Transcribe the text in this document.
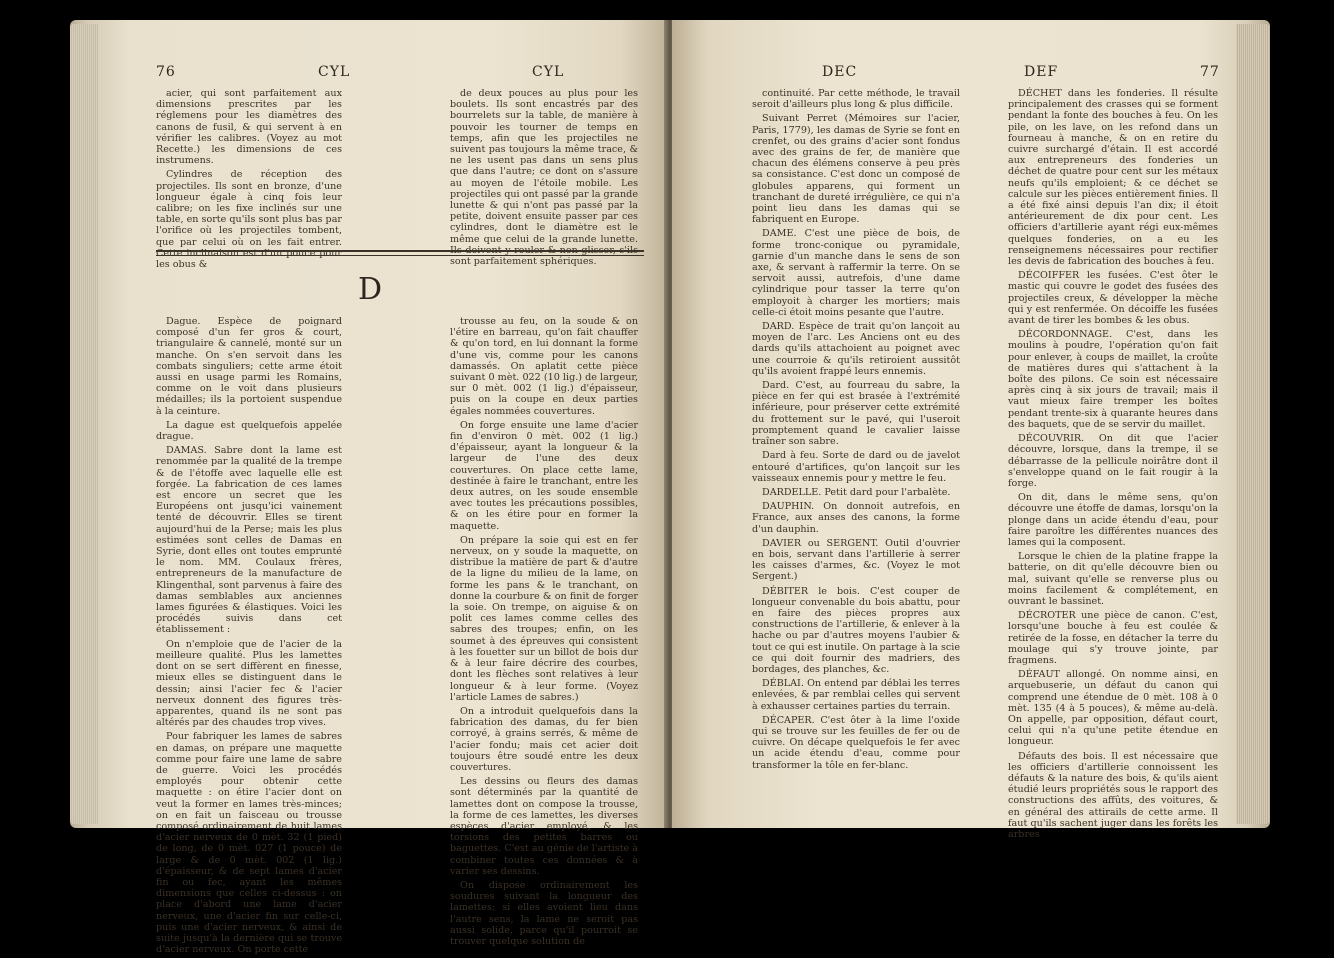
76	CYL	CYL

acier, qui sont parfaitement aux dimensions prescrites par les réglemens pour les diamètres des canons de fusil, & qui servent à en vérifier les calibres. (Voyez au mot Recette.) les dimensions de ces instrumens.

Cylindres de réception des projectiles. Ils sont en bronze, d'une longueur égale à cinq fois leur calibre; on les fixe inclinés sur une table, en sorte qu'ils sont plus bas par l'orifice où les projectiles tombent, que par celui où on les fait entrer. Cette inclinaison est d'un pouce pour les obus &

de deux pouces au plus pour les boulets. Ils sont encastrés par des bourrelets sur la table, de manière à pouvoir les tourner de temps en temps, afin que les projectiles ne suivent pas toujours la même trace, & ne les usent pas dans un sens plus que dans l'autre; ce dont on s'assure au moyen de l'étoile mobile. Les projectiles qui ont passé par la grande lunette & qui n'ont pas passé par la petite, doivent ensuite passer par ces cylindres, dont le diamètre est le même que celui de la grande lunette. Ils doivent y rouler & non glisser, s'ils sont parfaitement sphériques.

D

Dague. Espèce de poignard composé d'un fer gros & court, triangulaire & cannelé, monté sur un manche. On s'en servoit dans les combats singuliers; cette arme étoit aussi en usage parmi les Romains, comme on le voit dans plusieurs médailles; ils la portoient suspendue à la ceinture.

La dague est quelquefois appelée drague.

DAMAS. Sabre dont la lame est renommée par la qualité de la trempe & de l'étoffe avec laquelle elle est forgée. La fabrication de ces lames est encore un secret que les Européens ont jusqu'ici vainement tenté de découvrir. Elles se tirent aujourd'hui de la Perse; mais les plus estimées sont celles de Damas en Syrie, dont elles ont toutes emprunté le nom. MM. Coulaux frères, entrepreneurs de la manufacture de Klingenthal, sont parvenus à faire des damas semblables aux anciennes lames figurées & élastiques. Voici les procédés suivis dans cet établissement :

On n'emploie que de l'acier de la meilleure qualité. Plus les lamettes dont on se sert diffèrent en finesse, mieux elles se distinguent dans le dessin; ainsi l'acier fec & l'acier nerveux donnent des figures très-apparentes, quand ils ne sont pas altérés par des chaudes trop vives.

Pour fabriquer les lames de sabres en damas, on prépare une maquette comme pour faire une lame de sabre de guerre. Voici les procédés employés pour obtenir cette maquette : on étire l'acier dont on veut la former en lames très-minces; on en fait un faisceau ou trousse composé ordinairement de huit lames d'acier nerveux de 0 mèt. 32 (1 pied) de long, de 0 mèt. 027 (1 pouce) de large & de 0 mèt. 002 (1 lig.) d'épaisseur, & de sept lames d'acier fin ou fec, ayant les mêmes dimensions que celles ci-dessus : on place d'abord une lame d'acier nerveux, une d'acier fin sur celle-ci, puis une d'acier nerveux, & ainsi de suite jusqu'à la dernière qui se trouve d'acier nerveux. On porte cette

trousse au feu, on la soude & on l'étire en barreau, qu'on fait chauffer & qu'on tord, en lui donnant la forme d'une vis, comme pour les canons damassés. On aplatit cette pièce suivant 0 mèt. 022 (10 lig.) de largeur, sur 0 mèt. 002 (1 lig.) d'épaisseur, puis on la coupe en deux parties égales nommées couvertures.

On forge ensuite une lame d'acier fin d'environ 0 mèt. 002 (1 lig.) d'épaisseur, ayant la longueur & la largeur de l'une des deux couvertures. On place cette lame, destinée à faire le tranchant, entre les deux autres, on les soude ensemble avec toutes les précautions possibles, & on les étire pour en former la maquette.

On prépare la soie qui est en fer nerveux, on y soude la maquette, on distribue la matière de part & d'autre de la ligne du milieu de la lame, on forme les pans & le tranchant, on donne la courbure & on finit de forger la soie. On trempe, on aiguise & on polit ces lames comme celles des sabres des troupes; enfin, on les soumet à des épreuves qui consistent à les fouetter sur un billot de bois dur & à leur faire décrire des courbes, dont les flèches sont relatives à leur longueur & à leur forme. (Voyez l'article Lames de sabres.)

On a introduit quelquefois dans la fabrication des damas, du fer bien corroyé, à grains serrés, & même de l'acier fondu; mais cet acier doit toujours être soudé entre les deux couvertures.

Les dessins ou fleurs des damas sont déterminés par la quantité de lamettes dont on compose la trousse, la forme de ces lamettes, les diverses espèces d'acier employé, & les torsions des petites barres ou baguettes. C'est au génie de l'artiste à combiner toutes ces données & à varier ses dessins.

On dispose ordinairement les soudures suivant la longueur des lamettes; si elles avoient lieu dans l'autre sens, la lame ne seroit pas aussi solide, parce qu'il pourroit se trouver quelque solution de

DEC	DEF	77

continuité. Par cette méthode, le travail seroit d'ailleurs plus long & plus difficile.

Suivant Perret (Mémoires sur l'acier, Paris, 1779), les damas de Syrie se font en crenfet, ou des grains d'acier sont fondus avec des grains de fer, de manière que chacun des élémens conserve à peu près sa consistance. C'est donc un composé de globules apparens, qui forment un tranchant de dureté irrégulière, ce qui n'a point lieu dans les damas qui se fabriquent en Europe.

DAME. C'est une pièce de bois, de forme tronc-conique ou pyramidale, garnie d'un manche dans le sens de son axe, & servant à raffermir la terre. On se servoit aussi, autrefois, d'une dame cylindrique pour tasser la terre qu'on employoit à charger les mortiers; mais celle-ci étoit moins pesante que l'autre.

DARD. Espèce de trait qu'on lançoit au moyen de l'arc. Les Anciens ont eu des dards qu'ils attachoient au poignet avec une courroie & qu'ils retiroient aussitôt qu'ils avoient frappé leurs ennemis.

Dard. C'est, au fourreau du sabre, la pièce en fer qui est brasée à l'extrémité inférieure, pour préserver cette extrémité du frottement sur le pavé, qui l'useroit promptement quand le cavalier laisse traîner son sabre.

Dard à feu. Sorte de dard ou de javelot entouré d'artifices, qu'on lançoit sur les vaisseaux ennemis pour y mettre le feu.

DARDELLE. Petit dard pour l'arbalète.

DAUPHIN. On donnoit autrefois, en France, aux anses des canons, la forme d'un dauphin.

DAVIER ou SERGENT. Outil d'ouvrier en bois, servant dans l'artillerie à serrer les caisses d'armes, &c. (Voyez le mot Sergent.)

DÉBITER le bois. C'est couper de longueur convenable du bois abattu, pour en faire des pièces propres aux constructions de l'artillerie, & enlever à la hache ou par d'autres moyens l'aubier & tout ce qui est inutile. On partage à la scie ce qui doit fournir des madriers, des bordages, des planches, &c.

DÉBLAI. On entend par déblai les terres enlevées, & par remblai celles qui servent à exhausser certaines parties du terrain.

DÉCAPER. C'est ôter à la lime l'oxide qui se trouve sur les feuilles de fer ou de cuivre. On décape quelquefois le fer avec un acide étendu d'eau, comme pour transformer la tôle en fer-blanc.

DÉCHET dans les fonderies. Il résulte principalement des crasses qui se forment pendant la fonte des bouches à feu. On les pile, on les lave, on les refond dans un fourneau à manche, & on en retire du cuivre surchargé d'étain. Il est accordé aux entrepreneurs des fonderies un déchet de quatre pour cent sur les métaux neufs qu'ils emploient; & ce déchet se calcule sur les pièces entièrement finies. Il a été fixé ainsi depuis l'an dix; il étoit antérieurement de dix pour cent. Les officiers d'artillerie ayant régi eux-mêmes quelques fonderies, on a eu les renseignemens nécessaires pour rectifier les devis de fabrication des bouches à feu.

DÉCOIFFER les fusées. C'est ôter le mastic qui couvre le godet des fusées des projectiles creux, & développer la mèche qui y est renfermée. On décoiffe les fusées avant de tirer les bombes & les obus.

DÉCORDONNAGE. C'est, dans les moulins à poudre, l'opération qu'on fait pour enlever, à coups de maillet, la croûte de matières dures qui s'attachent à la boîte des pilons. Ce soin est nécessaire après cinq à six jours de travail; mais il vaut mieux faire tremper les boîtes pendant trente-six à quarante heures dans des baquets, que de se servir du maillet.

DÉCOUVRIR. On dit que l'acier découvre, lorsque, dans la trempe, il se débarrasse de la pellicule noirâtre dont il s'enveloppe quand on le fait rougir à la forge.

On dit, dans le même sens, qu'on découvre une étoffe de damas, lorsqu'on la plonge dans un acide étendu d'eau, pour faire paroître les différentes nuances des lames qui la composent.

Lorsque le chien de la platine frappe la batterie, on dit qu'elle découvre bien ou mal, suivant qu'elle se renverse plus ou moins facilement & complétement, en ouvrant le bassinet.

DÉCROTER une pièce de canon. C'est, lorsqu'une bouche à feu est coulée & retirée de la fosse, en détacher la terre du moulage qui s'y trouve jointe, par fragmens.

DÉFAUT allongé. On nomme ainsi, en arquebuserie, un défaut du canon qui comprend une étendue de 0 mèt. 108 à 0 mèt. 135 (4 à 5 pouces), & même au-delà. On appelle, par opposition, défaut court, celui qui n'a qu'une petite étendue en longueur.

Défauts des bois. Il est nécessaire que les officiers d'artillerie connoissent les défauts & la nature des bois, & qu'ils aient étudié leurs propriétés sous le rapport des constructions des affûts, des voitures, & en général des attirails de cette arme. Il faut qu'ils sachent juger dans les forêts les arbres
